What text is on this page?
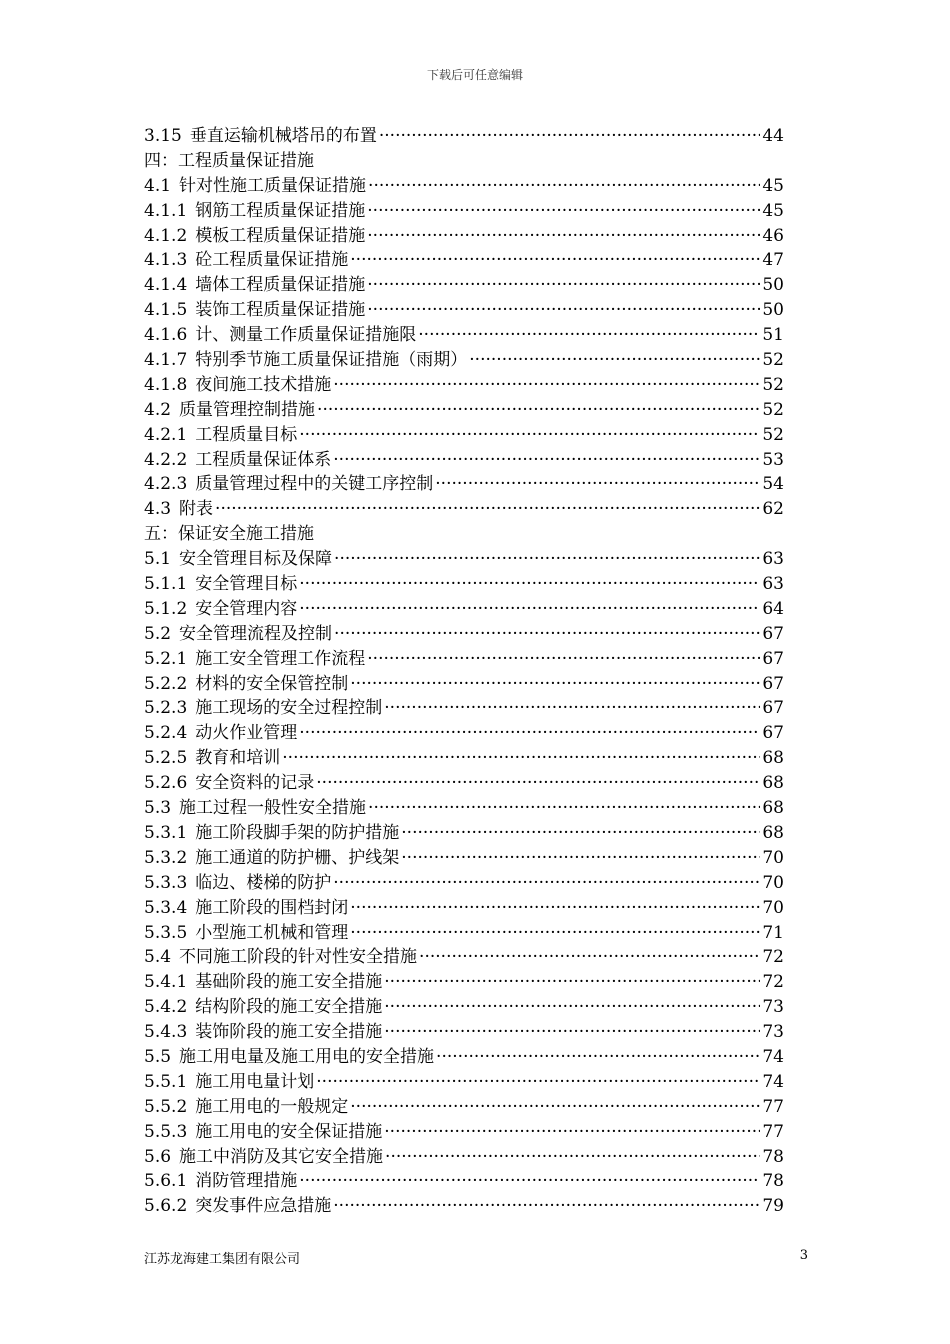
下载后可任意编辑
3.15 垂直运输机械塔吊的布置 ·····	44
四：工程质量保证措施
4.1 针对性施工质量保证措施 ·····	45
4.1.1 钢筋工程质量保证措施 ·····	45
4.1.2 模板工程质量保证措施 ·····	46
4.1.3 砼工程质量保证措施 ·····	47
4.1.4 墙体工程质量保证措施 ·····	50
4.1.5 装饰工程质量保证措施 ·····	50
4.1.6 计、测量工作质量保证措施限 ·····	51
4.1.7 特别季节施工质量保证措施（雨期） ·····	52
4.1.8 夜间施工技术措施 ·····	52
4.2 质量管理控制措施 ·····	52
4.2.1 工程质量目标 ·····	52
4.2.2 工程质量保证体系 ·····	53
4.2.3 质量管理过程中的关键工序控制 ·····	54
4.3 附表 ·····	62
五：保证安全施工措施
5.1 安全管理目标及保障 ·····	63
5.1.1 安全管理目标 ·····	63
5.1.2 安全管理内容 ·····	64
5.2 安全管理流程及控制 ·····	67
5.2.1 施工安全管理工作流程 ·····	67
5.2.2 材料的安全保管控制 ·····	67
5.2.3 施工现场的安全过程控制 ·····	67
5.2.4 动火作业管理 ·····	67
5.2.5 教育和培训 ·····	68
5.2.6 安全资料的记录 ·····	68
5.3 施工过程一般性安全措施 ·····	68
5.3.1 施工阶段脚手架的防护措施 ·····	68
5.3.2 施工通道的防护栅、护线架 ·····	70
5.3.3 临边、楼梯的防护 ·····	70
5.3.4 施工阶段的围档封闭 ·····	70
5.3.5 小型施工机械和管理 ·····	71
5.4 不同施工阶段的针对性安全措施 ·····	72
5.4.1 基础阶段的施工安全措施 ·····	72
5.4.2 结构阶段的施工安全措施 ·····	73
5.4.3 装饰阶段的施工安全措施 ·····	73
5.5 施工用电量及施工用电的安全措施 ·····	74
5.5.1 施工用电量计划 ·····	74
5.5.2 施工用电的一般规定 ·····	77
5.5.3 施工用电的安全保证措施 ·····	77
5.6 施工中消防及其它安全措施 ·····	78
5.6.1 消防管理措施 ·····	78
5.6.2 突发事件应急措施 ·····	79
江苏龙海建工集团有限公司	3
